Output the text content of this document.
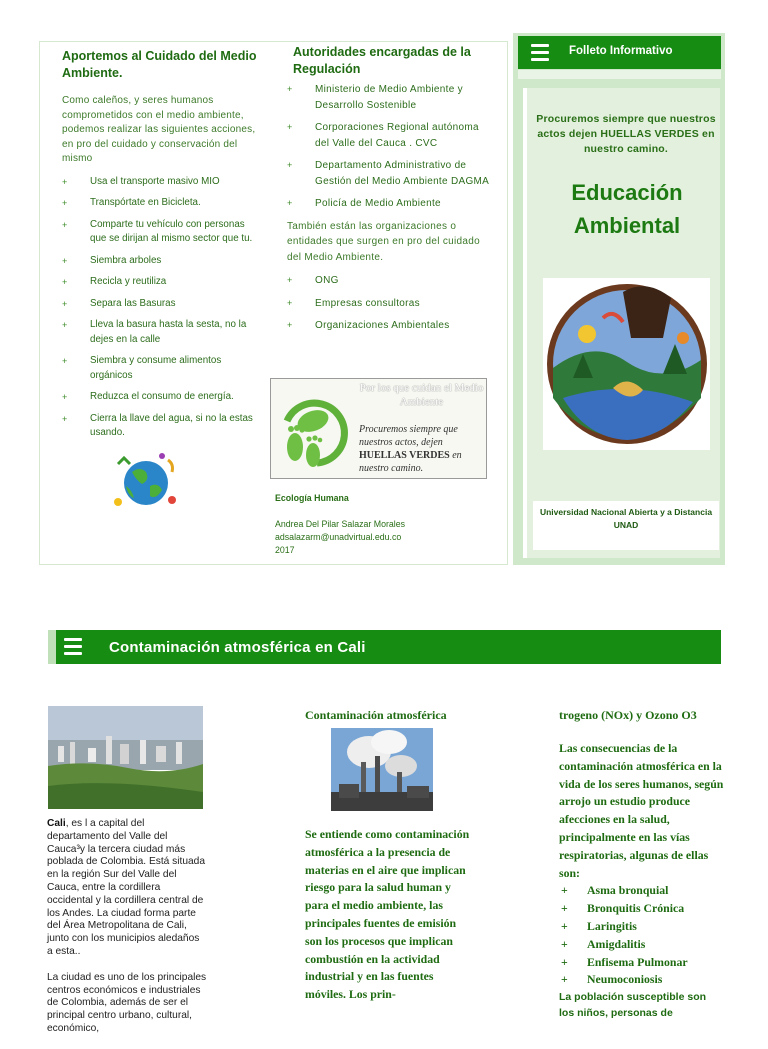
Aportemos al Cuidado del Medio Ambiente.

Como caleños, y seres humanos comprometidos con el medio ambiente, podemos realizar las siguientes acciones, en pro del cuidado y conservación del mismo

+ Usa el transporte masivo MIO
+ Transpórtate en Bicicleta.
+ Comparte tu vehículo con personas que se dirijan al mismo sector que tu.
+ Siembra arboles
+ Recicla y reutiliza
+ Separa las Basuras
+ Lleva la basura hasta la sesta, no la dejes en la calle
+ Siembra y consume alimentos orgánicos
+ Reduzca el consumo de energía.
+ Cierra la llave del agua, si no la estas usando.
Autoridades encargadas de la Regulación
+ Ministerio de Medio Ambiente y Desarrollo Sostenible
+ Corporaciones Regional autónoma del Valle del Cauca . CVC
+ Departamento Administrativo de Gestión del Medio Ambiente DAGMA
+ Policía de Medio Ambiente

También están las organizaciones o entidades que surgen en pro del cuidado del Medio Ambiente.

+ ONG
+ Empresas consultoras
+ Organizaciones Ambientales
Por los que cuidan el Medio Ambiente
Procuremos siempre que nuestros actos, dejen HUELLAS VERDES en nuestro camino.
Ecología Humana
Andrea Del Pilar Salazar Morales
adsalazarm@unadvirtual.edu.co
2017
Folleto Informativo
Procuremos siempre que nuestros actos dejen HUELLAS VERDES en nuestro camino.
Educación Ambiental
Universidad Nacional Abierta y a Distancia
UNAD
Contaminación atmosférica en Cali

Cali, es l a capital del departamento del Valle del Cauca³y la tercera ciudad más poblada de Colombia. Está situada en la región Sur del Valle del Cauca, entre la cordillera occidental y la cordillera central de los Andes. La ciudad forma parte del Área Metropolitana de Cali, junto con los municipios aledaños a esta..

La ciudad es uno de los principales centros económicos e industriales de Colombia, además de ser el principal centro urbano, cultural, económico,

Contaminación atmosférica

Se entiende como contaminación atmosférica a la presencia de materias en el aire que implican riesgo para la salud human y para el medio ambiente, las principales fuentes de emisión son los procesos que implican combustión en la actividad industrial y en las fuentes móviles. Los prin-

trogeno (NOx) y Ozono O3
Las consecuencias de la contaminación atmosférica en la vida de los seres humanos, según arrojo un estudio produce afecciones en la salud, principalmente en las vías respiratorias, algunas de ellas son:
+ Asma bronquial
+ Bronquitis Crónica
+ Laringitis
+ Amigdalitis
+ Enfisema Pulmonar
+ Neumoconiosis
La población susceptible son los niños, personas de
